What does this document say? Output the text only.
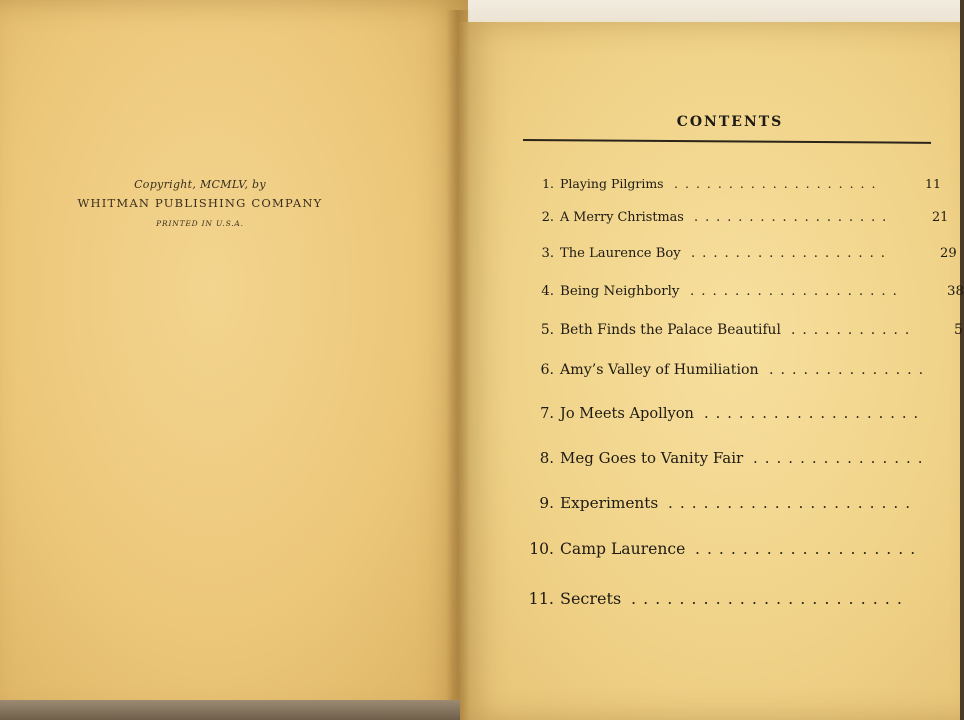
Copyright, MCMLV, by
WHITMAN PUBLISHING COMPANY
PRINTED IN U.S.A.
CONTENTS
1. Playing Pilgrims ...................	11
2. A Merry Christmas ..................	21
3. The Laurence Boy ..................	29
4. Being Neighborly ...................	38
5. Beth Finds the Palace Beautiful ...........	5
6. Amy’s Valley of Humiliation ..............
7. Jo Meets Apollyon ...................
8. Meg Goes to Vanity Fair ...............
9. Experiments .....................
10. Camp Laurence ...................
11. Secrets .......................
